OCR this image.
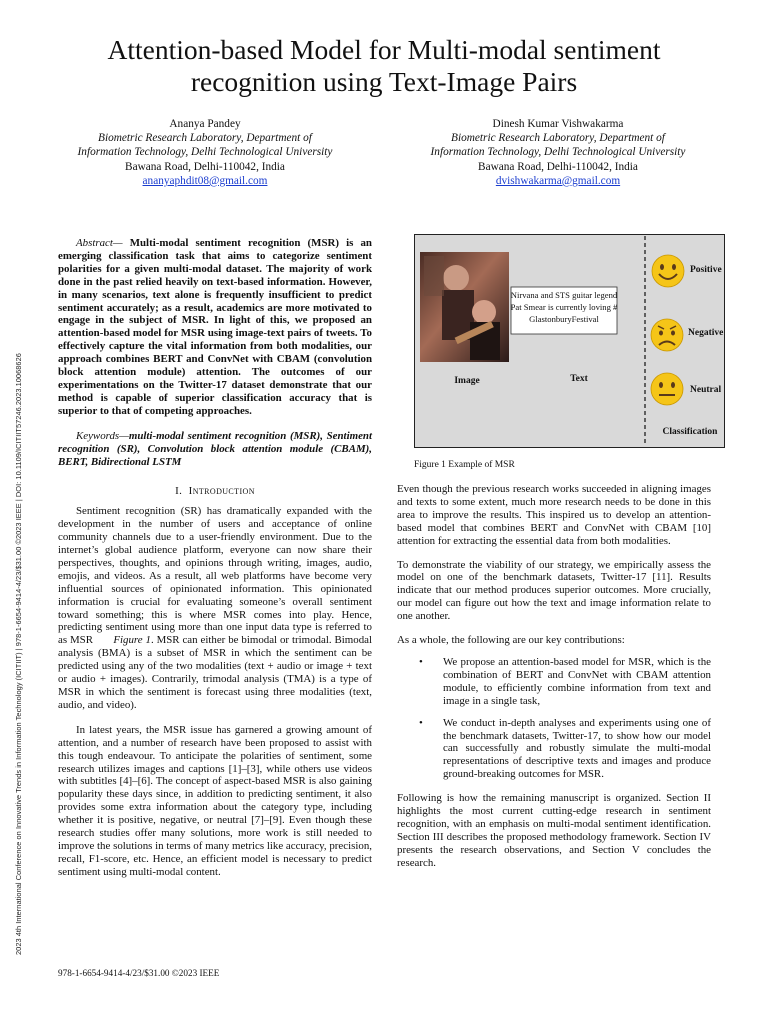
Attention-based Model for Multi-modal sentiment
recognition using Text-Image Pairs
Ananya Pandey
Biometric Research Laboratory, Department of
Information Technology, Delhi Technological University
Bawana Road, Delhi-110042, India
ananyaphdit08@gmail.com
Dinesh Kumar Vishwakarma
Biometric Research Laboratory, Department of
Information Technology, Delhi Technological University
Bawana Road, Delhi-110042, India
dvishwakarma@gmail.com
2023 4th International Conference on Innovative Trends in Information Technology (ICITIIT) | 978-1-6654-9414-4/23/$31.00 ©2023 IEEE | DOI: 10.1109/ICITIIT57246.2023.10068626

Abstract— Multi-modal sentiment recognition (MSR) is an emerging classification task that aims to categorize sentiment polarities for a given multi-modal dataset. The majority of work done in the past relied heavily on text-based information. However, in many scenarios, text alone is frequently insufficient to predict sentiment accurately; as a result, academics are more motivated to engage in the subject of MSR. In light of this, we proposed an attention-based model for MSR using image-text pairs of tweets. To effectively capture the vital information from both modalities, our approach combines BERT and ConvNet with CBAM (convolution block attention module) attention. The outcomes of our experimentations on the Twitter-17 dataset demonstrate that our method is capable of superior classification accuracy that is superior to that of competing approaches.

Keywords—multi-modal sentiment recognition (MSR), Sentiment recognition (SR), Convolution block attention module (CBAM), BERT, Bidirectional LSTM

I. Introduction

Sentiment recognition (SR) has dramatically expanded with the development in the number of users and acceptance of online community channels due to a user-friendly environment. Due to the internet’s global audience platform, everyone can now share their perspectives, thoughts, and opinions through writing, images, audio, emojis, and videos. As a result, all web platforms have become very influential sources of opinionated information. This opinionated information is crucial for evaluating someone’s overall sentiment toward something; this is where MSR comes into play. Hence, predicting sentiment using more than one input data type is referred to as MSR Figure 1. MSR can either be bimodal or trimodal. Bimodal analysis (BMA) is a subset of MSR in which the sentiment can be predicted using any of the two modalities (text + audio or image + text or audio + images). Contrarily, trimodal analysis (TMA) is a type of MSR in which the sentiment is forecast using three modalities (text, audio, and video).

In latest years, the MSR issue has garnered a growing amount of attention, and a number of research have been proposed to assist with this tough endeavour. To anticipate the polarities of sentiment, some research utilizes images and captions [1]–[3], while others use videos with subtitles [4]–[6]. The concept of aspect-based MSR is also gaining popularity these days since, in addition to predicting sentiment, it also provides some extra information about the category type, including whether it is positive, negative, or neutral [7]–[9]. Even though these research studies offer many solutions, more work is still needed to improve the solutions in terms of many metrics like accuracy, precision, recall, F1-score, etc. Hence, an efficient model is necessary to predict sentiment using multi-modal content.

Nirvana and STS guitar legend
Pat Smear is currently loving #
GlastonburyFestival
Image	Text
Positive
Negative
Neutral
Classification
Figure 1 Example of MSR

Even though the previous research works succeeded in aligning images and texts to some extent, much more research needs to be done in this area to improve the results. This inspired us to develop an attention-based model that combines BERT and ConvNet with CBAM [10] attention for extracting the essential data from both modalities.

To demonstrate the viability of our strategy, we empirically assess the model on one of the benchmark datasets, Twitter-17 [11]. Results indicate that our method produces superior outcomes. More crucially, our model can figure out how the text and image information relate to one another.

As a whole, the following are our key contributions:

• We propose an attention-based model for MSR, which is the combination of BERT and ConvNet with CBAM attention module, to efficiently combine information from text and image in a single task,
• We conduct in-depth analyses and experiments using one of the benchmark datasets, Twitter-17, to show how our model can successfully and robustly simulate the multi-modal representations of descriptive texts and images and produce ground-breaking outcomes for MSR.

Following is how the remaining manuscript is organized. Section II highlights the most current cutting-edge research in sentiment recognition, with an emphasis on multi-modal sentiment identification. Section III describes the proposed methodology framework. Section IV presents the research observations, and Section V concludes the research.

978-1-6654-9414-4/23/$31.00 ©2023 IEEE
